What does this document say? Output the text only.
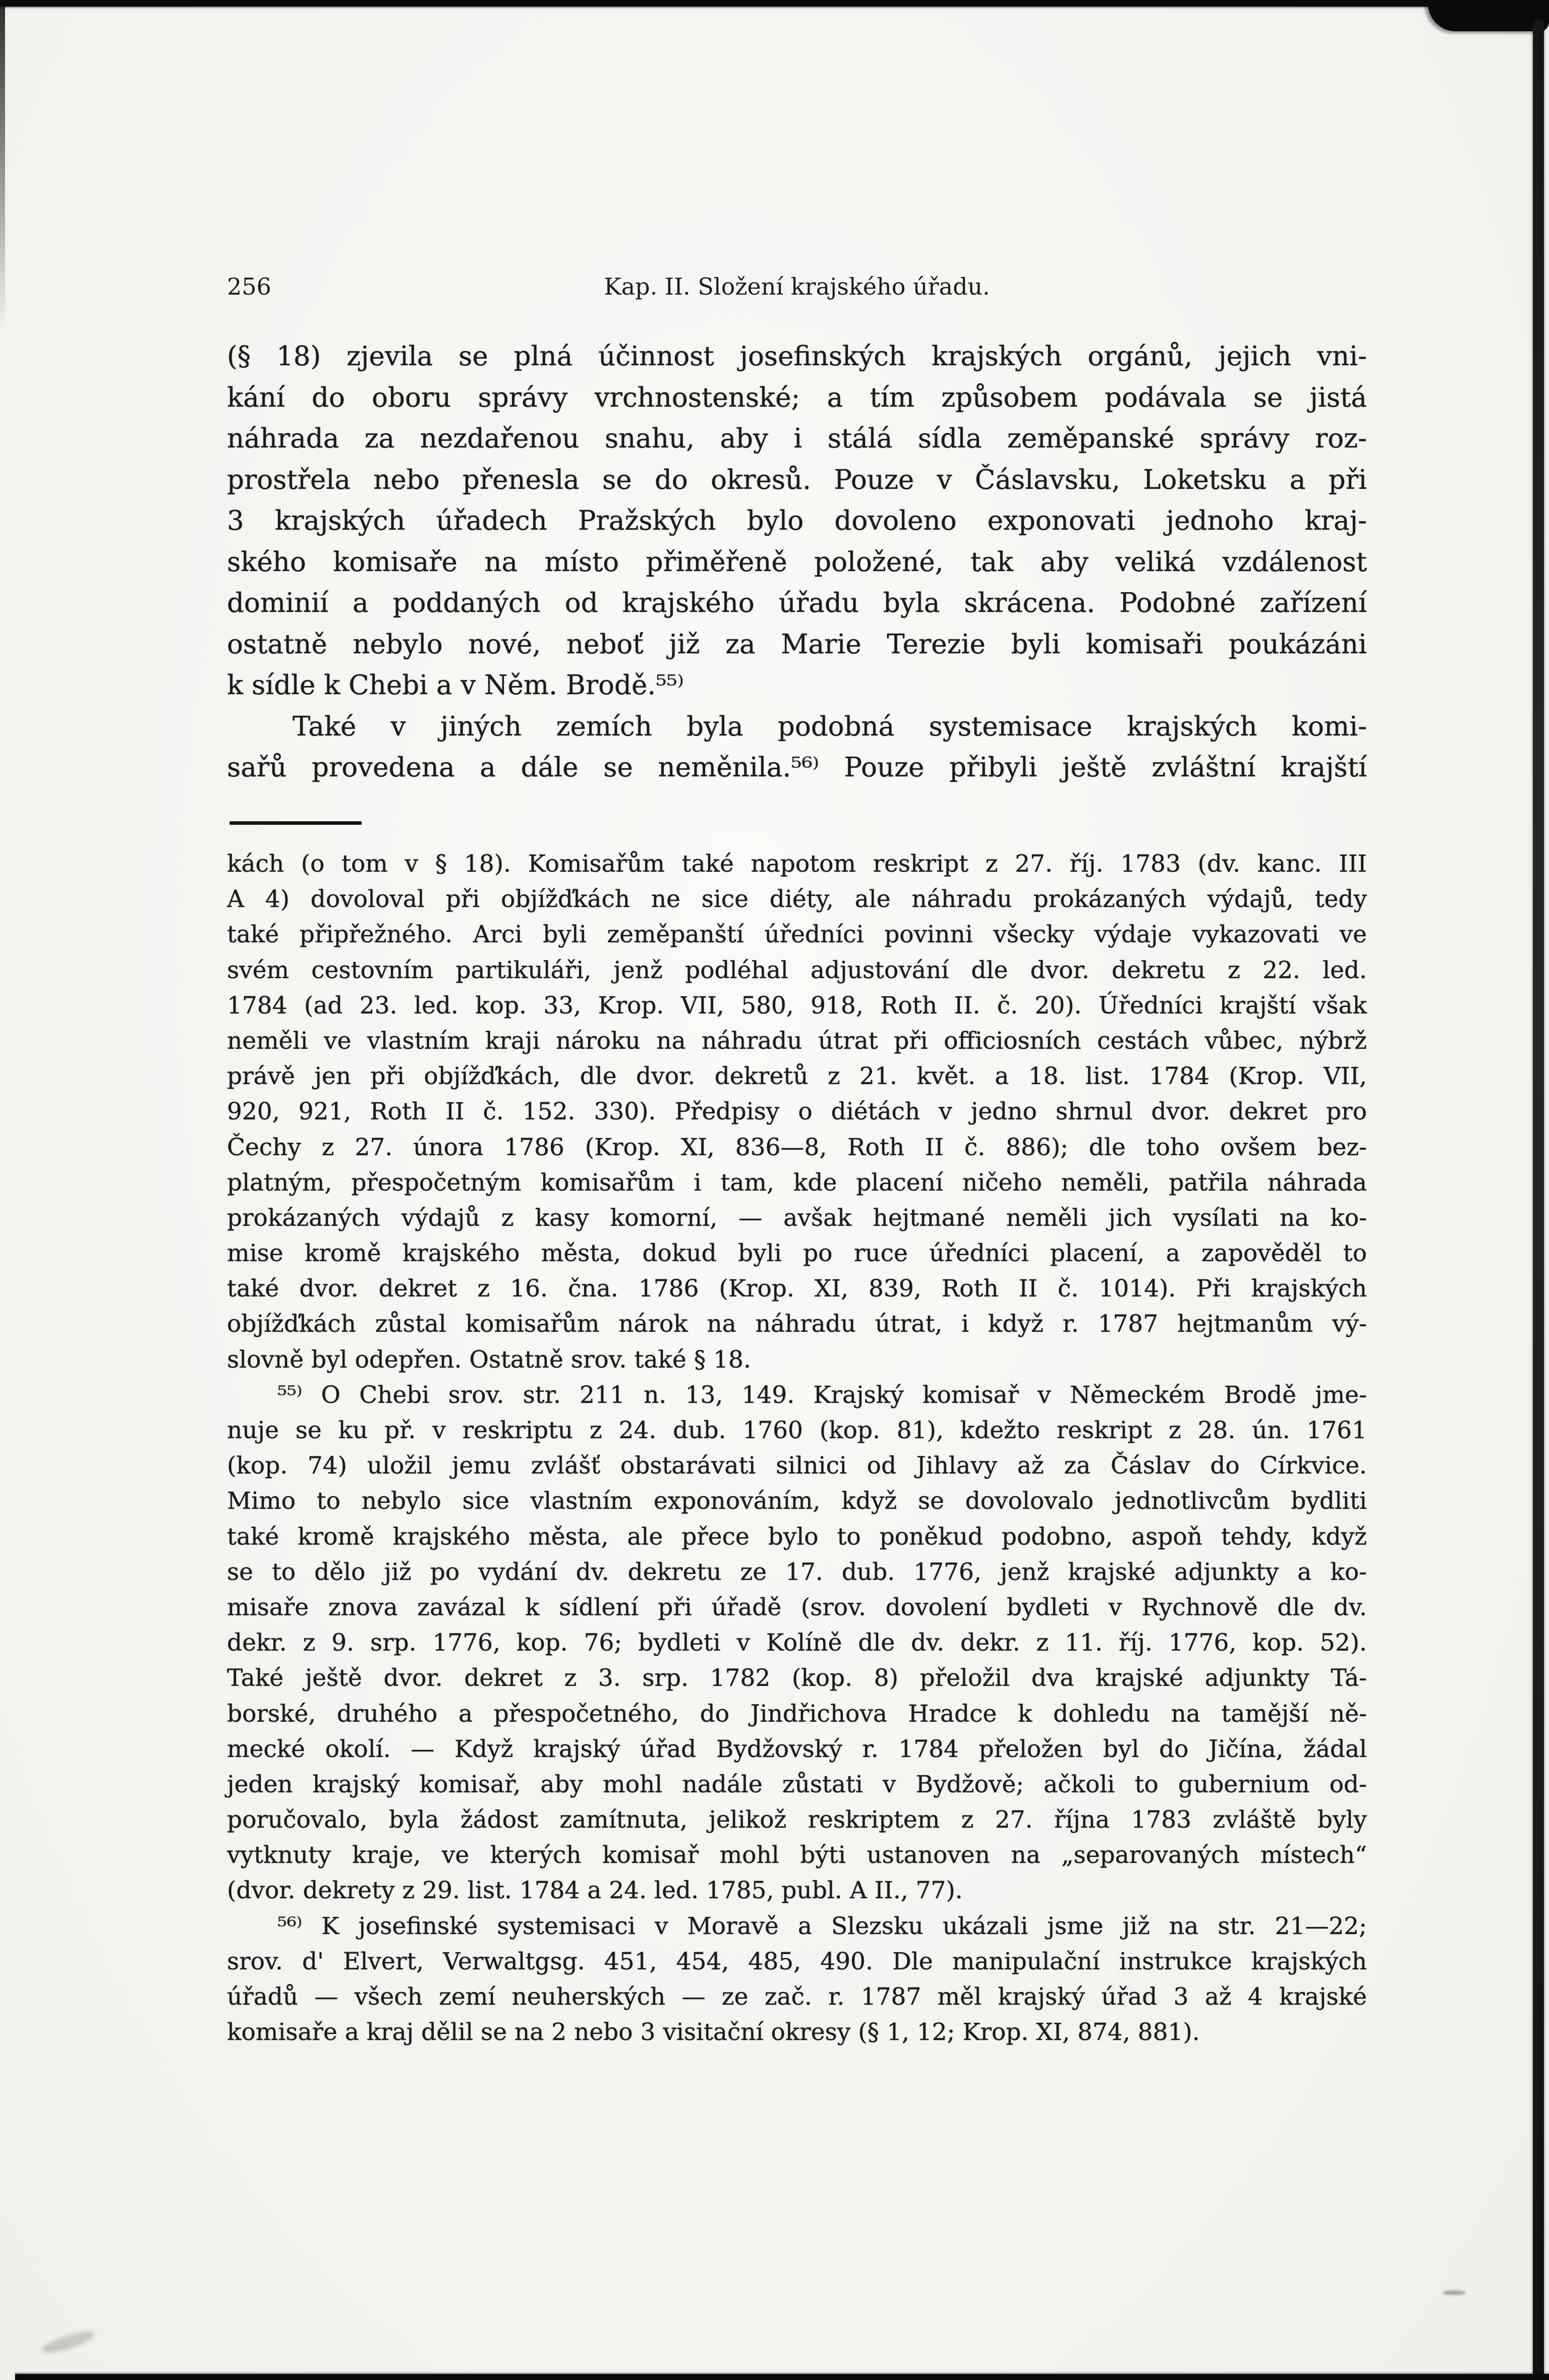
256	Kap. II. Složení krajského úřadu.
(§ 18) zjevila se plná účinnost josefinských krajských orgánů, jejich vni-
kání do oboru správy vrchnostenské; a tím způsobem podávala se jistá
náhrada za nezdařenou snahu, aby i stálá sídla zeměpanské správy roz-
prostřela nebo přenesla se do okresů. Pouze v Čáslavsku, Loketsku a při
3 krajských úřadech Pražských bylo dovoleno exponovati jednoho kraj-
ského komisaře na místo přiměřeně položené, tak aby veliká vzdálenost
dominií a poddaných od krajského úřadu byla skrácena. Podobné zařízení
ostatně nebylo nové, neboť již za Marie Terezie byli komisaři poukázáni
k sídle k Chebi a v Něm. Brodě.⁵⁵⁾
Také v jiných zemích byla podobná systemisace krajských komi-
sařů provedena a dále se neměnila.⁵⁶⁾ Pouze přibyli ještě zvláštní krajští
kách (o tom v § 18). Komisařům také napotom reskript z 27. říj. 1783 (dv. kanc. III
A 4) dovoloval při objížďkách ne sice diéty, ale náhradu prokázaných výdajů, tedy
také připřežného. Arci byli zeměpanští úředníci povinni všecky výdaje vykazovati ve
svém cestovním partikuláři, jenž podléhal adjustování dle dvor. dekretu z 22. led.
1784 (ad 23. led. kop. 33, Krop. VII, 580, 918, Roth II. č. 20). Úředníci krajští však
neměli ve vlastním kraji nároku na náhradu útrat při officiosních cestách vůbec, nýbrž
právě jen při objížďkách, dle dvor. dekretů z 21. květ. a 18. list. 1784 (Krop. VII,
920, 921, Roth II č. 152. 330). Předpisy o diétách v jedno shrnul dvor. dekret pro
Čechy z 27. února 1786 (Krop. XI, 836—8, Roth II č. 886); dle toho ovšem bez-
platným, přespočetným komisařům i tam, kde placení ničeho neměli, patřila náhrada
prokázaných výdajů z kasy komorní, — avšak hejtmané neměli jich vysílati na ko-
mise kromě krajského města, dokud byli po ruce úředníci placení, a zapověděl to
také dvor. dekret z 16. čna. 1786 (Krop. XI, 839, Roth II č. 1014). Při krajských
objížďkách zůstal komisařům nárok na náhradu útrat, i když r. 1787 hejtmanům vý-
slovně byl odepřen. Ostatně srov. také § 18.
⁵⁵⁾ O Chebi srov. str. 211 n. 13, 149. Krajský komisař v Německém Brodě jme-
nuje se ku př. v reskriptu z 24. dub. 1760 (kop. 81), kdežto reskript z 28. ún. 1761
(kop. 74) uložil jemu zvlášť obstarávati silnici od Jihlavy až za Čáslav do Církvice.
Mimo to nebylo sice vlastním exponováním, když se dovolovalo jednotlivcům bydliti
také kromě krajského města, ale přece bylo to poněkud podobno, aspoň tehdy, když
se to dělo již po vydání dv. dekretu ze 17. dub. 1776, jenž krajské adjunkty a ko-
misaře znova zavázal k sídlení při úřadě (srov. dovolení bydleti v Rychnově dle dv.
dekr. z 9. srp. 1776, kop. 76; bydleti v Kolíně dle dv. dekr. z 11. říj. 1776, kop. 52).
Také ještě dvor. dekret z 3. srp. 1782 (kop. 8) přeložil dva krajské adjunkty Tá-
borské, druhého a přespočetného, do Jindřichova Hradce k dohledu na tamější ně-
mecké okolí. — Když krajský úřad Bydžovský r. 1784 přeložen byl do Jičína, žádal
jeden krajský komisař, aby mohl nadále zůstati v Bydžově; ačkoli to gubernium od-
poručovalo, byla žádost zamítnuta, jelikož reskriptem z 27. října 1783 zvláště byly
vytknuty kraje, ve kterých komisař mohl býti ustanoven na „separovaných místech“
(dvor. dekrety z 29. list. 1784 a 24. led. 1785, publ. A II., 77).
⁵⁶⁾ K josefinské systemisaci v Moravě a Slezsku ukázali jsme již na str. 21—22;
srov. d' Elvert, Verwaltgsg. 451, 454, 485, 490. Dle manipulační instrukce krajských
úřadů — všech zemí neuherských — ze zač. r. 1787 měl krajský úřad 3 až 4 krajské
komisaře a kraj dělil se na 2 nebo 3 visitační okresy (§ 1, 12; Krop. XI, 874, 881).
